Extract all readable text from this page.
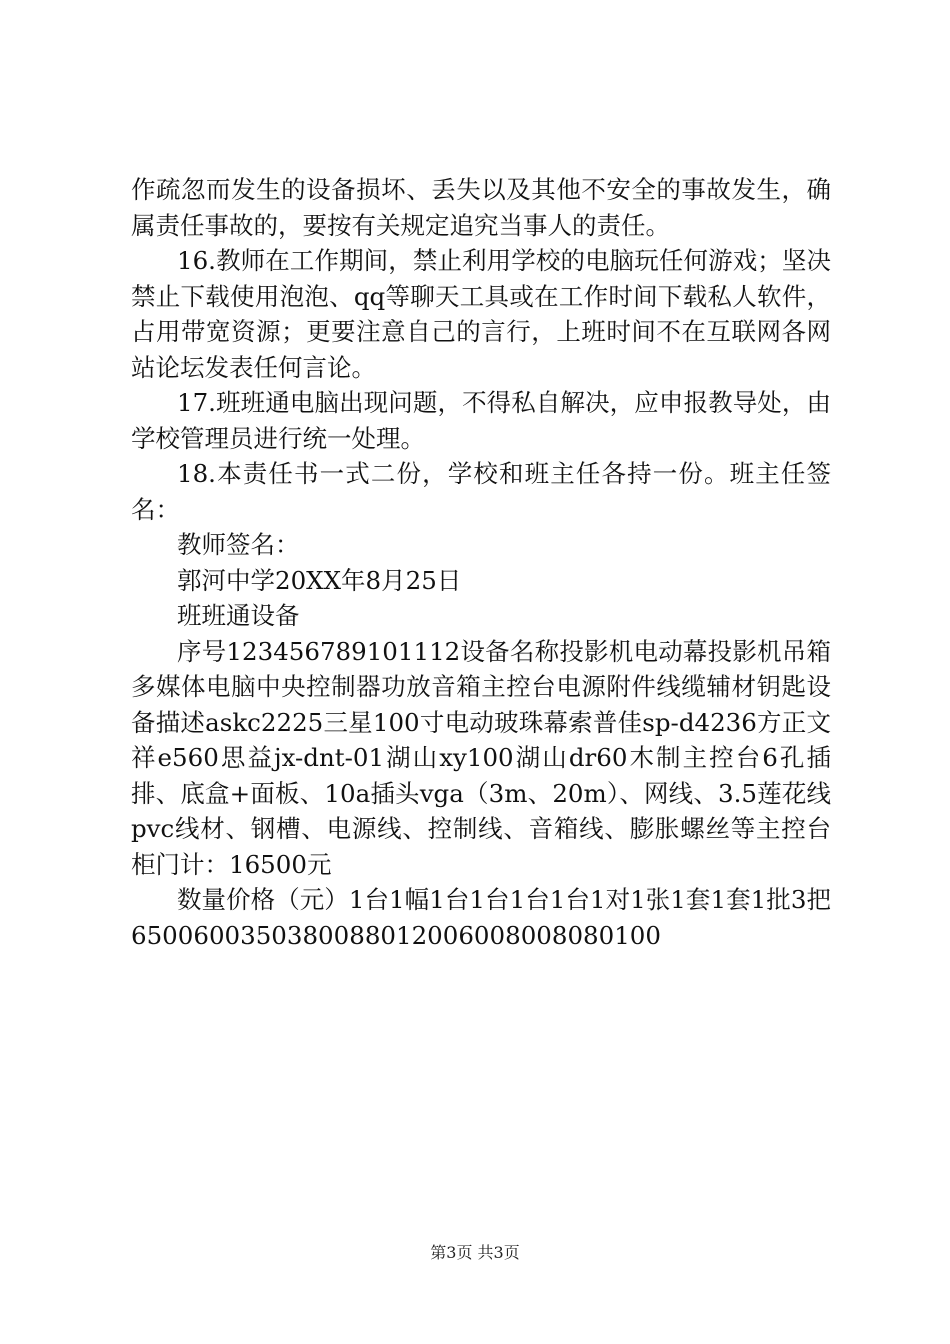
作疏忽而发生的设备损坏、丢失以及其他不安全的事故发生，确属责任事故的，要按有关规定追究当事人的责任。

16.教师在工作期间，禁止利用学校的电脑玩任何游戏；坚决禁止下载使用泡泡、qq等聊天工具或在工作时间下载私人软件，占用带宽资源；更要注意自己的言行，上班时间不在互联网各网站论坛发表任何言论。

17.班班通电脑出现问题，不得私自解决，应申报教导处，由学校管理员进行统一处理。

18.本责任书一式二份，学校和班主任各持一份。班主任签名：

教师签名：

郭河中学20XX年8月25日

班班通设备

序号123456789101112设备名称投影机电动幕投影机吊箱多媒体电脑中央控制器功放音箱主控台电源附件线缆辅材钥匙设备描述askc2225三星100寸电动玻珠幕索普佳sp-d4236方正文祥e560思益jx-dnt-01湖山xy100湖山dr60木制主控台6孔插排、底盒+面板、10a插头vga（3m、20m）、网线、3.5莲花线pvc线材、钢槽、电源线、控制线、音箱线、膨胀螺丝等主控台柜门计：16500元

数量价格（元）1台1幅1台1台1台1台1对1张1套1套1批3把6500600350380088012006008008080100

第3页 共3页
